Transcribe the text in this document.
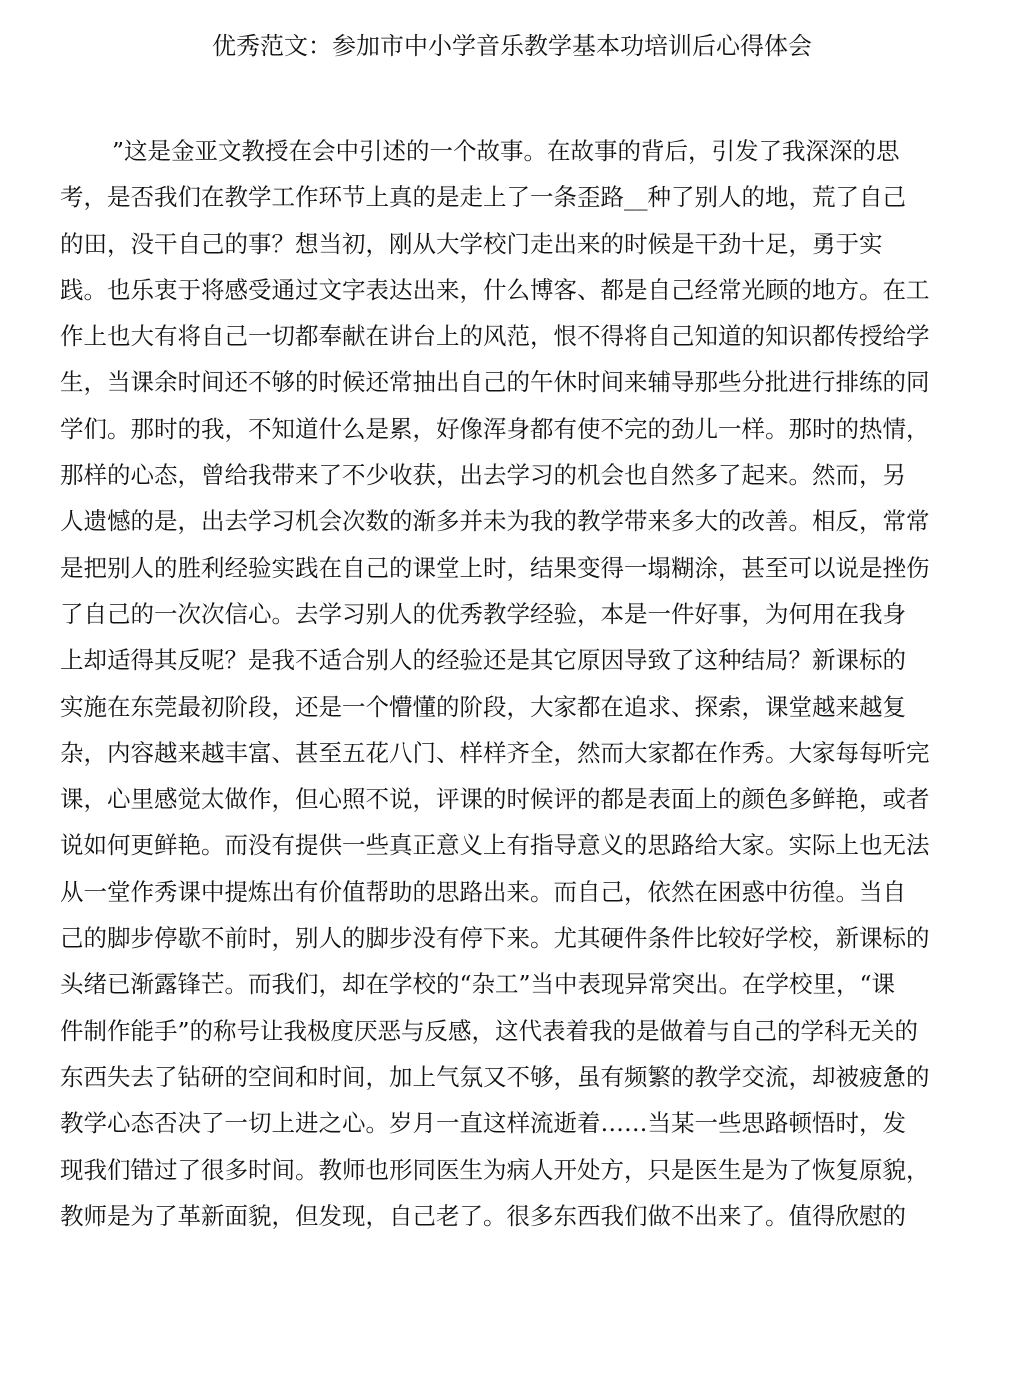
优秀范文：参加市中小学音乐教学基本功培训后心得体会
”这是金亚文教授在会中引述的一个故事。在故事的背后，引发了我深深的思
考，是否我们在教学工作环节上真的是走上了一条歪路__种了别人的地，荒了自己
的田，没干自己的事？想当初，刚从大学校门走出来的时候是干劲十足，勇于实
践。也乐衷于将感受通过文字表达出来，什么博客、都是自己经常光顾的地方。在工
作上也大有将自己一切都奉献在讲台上的风范，恨不得将自己知道的知识都传授给学
生，当课余时间还不够的时候还常抽出自己的午休时间来辅导那些分批进行排练的同
学们。那时的我，不知道什么是累，好像浑身都有使不完的劲儿一样。那时的热情，
那样的心态，曾给我带来了不少收获，出去学习的机会也自然多了起来。然而，另
人遗憾的是，出去学习机会次数的渐多并未为我的教学带来多大的改善。相反，常常
是把别人的胜利经验实践在自己的课堂上时，结果变得一塌糊涂，甚至可以说是挫伤
了自己的一次次信心。去学习别人的优秀教学经验，本是一件好事，为何用在我身
上却适得其反呢？是我不适合别人的经验还是其它原因导致了这种结局？新课标的
实施在东莞最初阶段，还是一个懵懂的阶段，大家都在追求、探索，课堂越来越复
杂，内容越来越丰富、甚至五花八门、样样齐全，然而大家都在作秀。大家每每听完
课，心里感觉太做作，但心照不说，评课的时候评的都是表面上的颜色多鲜艳，或者
说如何更鲜艳。而没有提供一些真正意义上有指导意义的思路给大家。实际上也无法
从一堂作秀课中提炼出有价值帮助的思路出来。而自己，依然在困惑中彷徨。当自
己的脚步停歇不前时，别人的脚步没有停下来。尤其硬件条件比较好学校，新课标的
头绪已渐露锋芒。而我们，却在学校的“杂工”当中表现异常突出。在学校里，“课
件制作能手”的称号让我极度厌恶与反感，这代表着我的是做着与自己的学科无关的
东西失去了钻研的空间和时间，加上气氛又不够，虽有频繁的教学交流，却被疲惫的
教学心态否决了一切上进之心。岁月一直这样流逝着……当某一些思路顿悟时，发
现我们错过了很多时间。教师也形同医生为病人开处方，只是医生是为了恢复原貌，
教师是为了革新面貌，但发现，自己老了。很多东西我们做不出来了。值得欣慰的
